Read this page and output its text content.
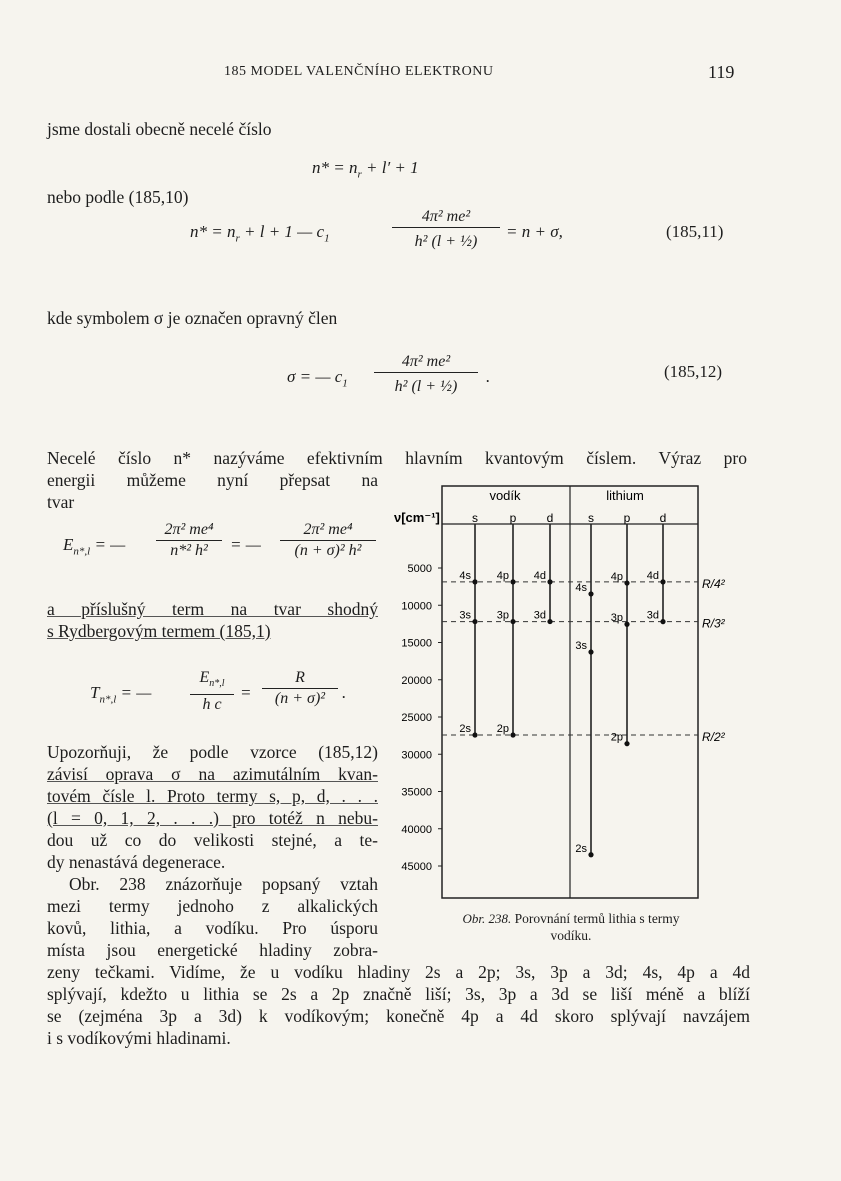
185 MODEL VALENČNÍHO ELEKTRONU	119
jsme dostali obecně necelé číslo
$n* = n_r + l' + 1$
nebo podle (185,10)
$n* = n_r + l + 1$ — $c_1$
4π² me²
h² (l + ½)
= n + σ,	(185,11)
kde symbolem σ je označen opravný člen
σ = — $c_1$
4π² me²
h² (l + ½)
.	(185,12)
Necelé číslo n* nazýváme efektivním hlavním kvantovým číslem. Výraz pro
energii můžeme nyní přepsat na
tvar
$E_{n*,l}$ = —
2π² me⁴
n*² h² = —
2π² me⁴
(n + σ)² h²
a příslušný term na tvar shodný
s Rydbergovým termem (185,1)
$T_{n*,l}$ = —
$E_{n*,l}$
h c
=
R
(n + σ)² .
Upozorňuji, že podle vzorce (185,12)
závisí oprava σ na azimutálním kvan-
tovém čísle l. Proto termy s, p, d, . . .
(l = 0, 1, 2, . . .) pro totéž n nebu-
dou už co do velikosti stejné, a te-
dy nenastává degenerace.
Obr. 238 znázorňuje popsaný vztah
mezi termy jednoho z alkalických
kovů, lithia, a vodíku. Pro úsporu
místa jsou energetické hladiny zobra-
zeny tečkami. Vidíme, že u vodíku hladiny 2s a 2p; 3s, 3p a 3d; 4s, 4p a 4d
splývají, kdežto u lithia se 2s a 2p značně liší; 3s, 3p a 3d se liší méně a blíží
se (zejména 3p a 3d) k vodíkovým; konečně 4p a 4d skoro splývají navzájem
i s vodíkovými hladinami.
vodík	lithium
ν[cm⁻¹]	s	p	d	s p d
5000
10000
15000
20000
25000
30000
35000
40000
45000
R/4²
R/3²
R/2²
4s 4p 4d
3s 3p 3d
2s 2p
4d
4p
4s
3p 3d
3s
2p
2s
Obr. 238. Porovnání termů lithia s termy
vodíku.
